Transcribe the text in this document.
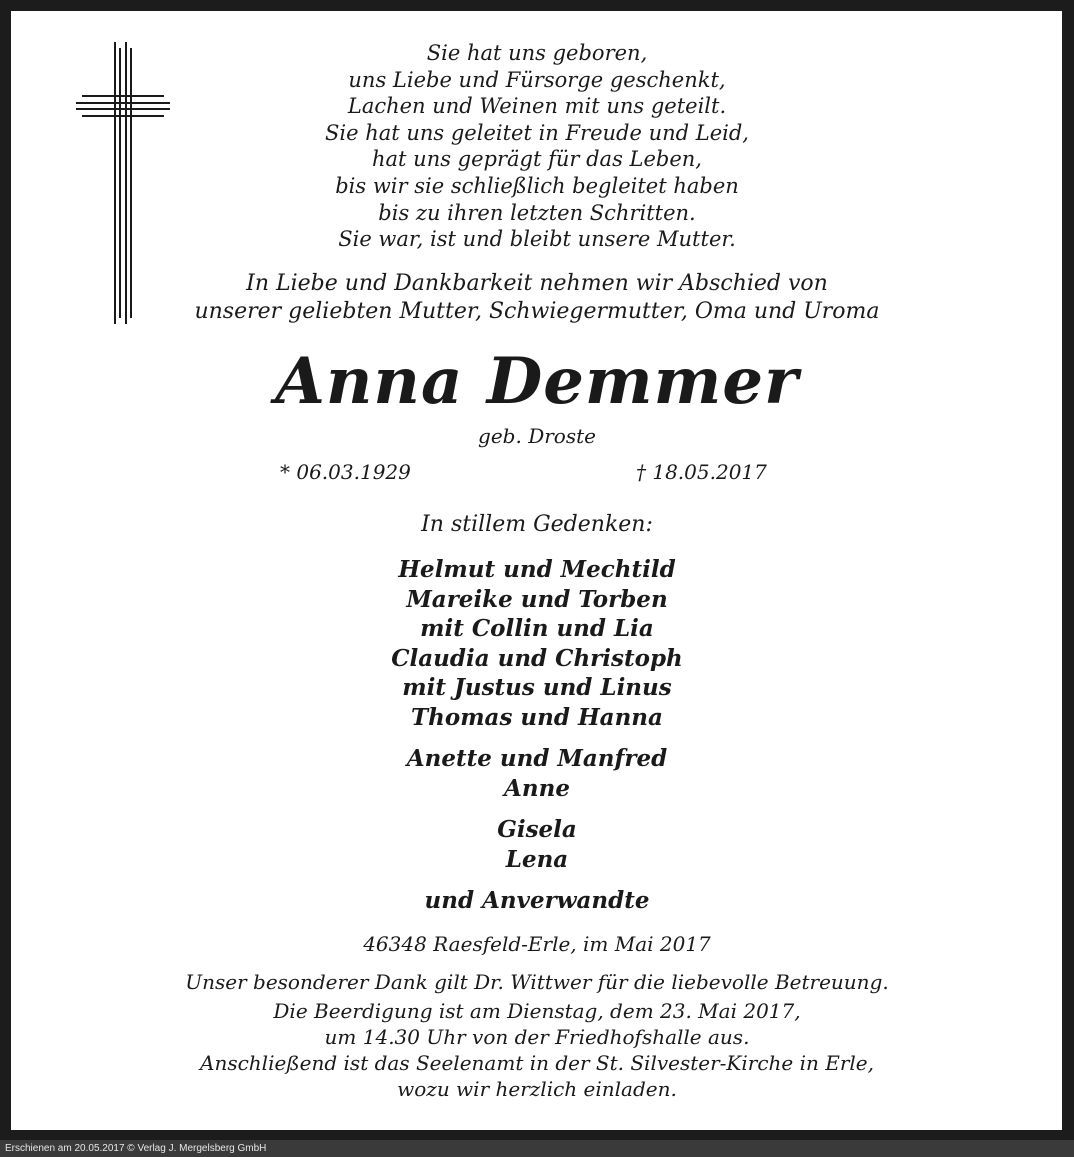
Sie hat uns geboren,
uns Liebe und Fürsorge geschenkt,
Lachen und Weinen mit uns geteilt.
Sie hat uns geleitet in Freude und Leid,
hat uns geprägt für das Leben,
bis wir sie schließlich begleitet haben
bis zu ihren letzten Schritten.
Sie war, ist und bleibt unsere Mutter.
In Liebe und Dankbarkeit nehmen wir Abschied von
unserer geliebten Mutter, Schwiegermutter, Oma und Uroma
Anna Demmer
geb. Droste
* 06.03.1929	† 18.05.2017
In stillem Gedenken:
Helmut und Mechtild
Mareike und Torben
mit Collin und Lia
Claudia und Christoph
mit Justus und Linus
Thomas und Hanna
Anette und Manfred
Anne
Gisela
Lena
und Anverwandte
46348 Raesfeld-Erle, im Mai 2017
Unser besonderer Dank gilt Dr. Wittwer für die liebevolle Betreuung.
Die Beerdigung ist am Dienstag, dem 23. Mai 2017,
um 14.30 Uhr von der Friedhofshalle aus.
Anschließend ist das Seelenamt in der St. Silvester-Kirche in Erle,
wozu wir herzlich einladen.
Erschienen am 20.05.2017 © Verlag J. Mergelsberg GmbH
